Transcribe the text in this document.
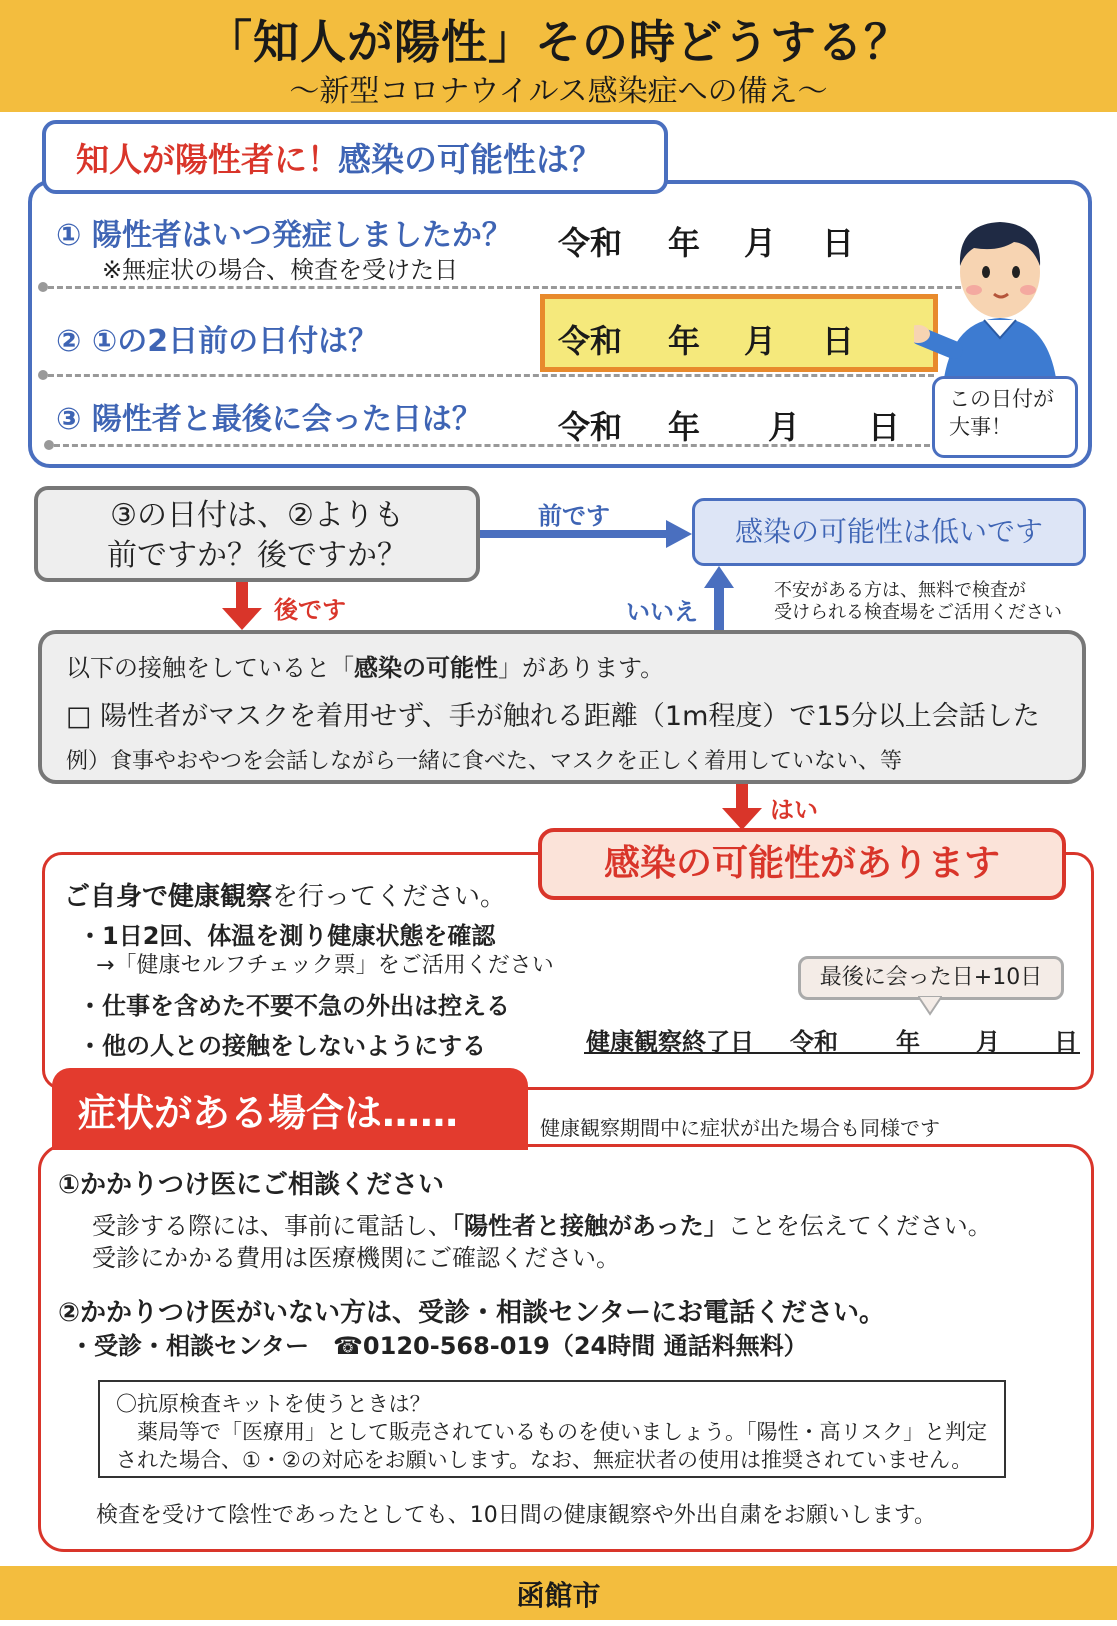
「知人が陽性」その時どうする？
～新型コロナウイルス感染症への備え～
知人が陽性者に！
感染の可能性は？
① 陽性者はいつ発症しましたか？
※無症状の場合、検査を受けた日
令和 年 月 日
② ①の2日前の日付は？	令和 年 月 日
③ 陽性者と最後に会った日は？ 令和 年 月 日
この日付が
大事！
③の日付は、②よりも
前ですか？後ですか？
前です	感染の可能性は低いです
不安がある方は、無料で検査が
受けられる検査場をご活用ください
後です	いいえ
以下の接触をしていると「感染の可能性」があります。
□ 陽性者がマスクを着用せず、手が触れる距離（1m程度）で15分以上会話した
例）食事やおやつを会話しながら一緒に食べた、マスクを正しく着用していない、等
はい
感染の可能性があります
ご自身で健康観察を行ってください。
・1日2回、体温を測り健康状態を確認
→「健康セルフチェック票」をご活用ください
・仕事を含めた不要不急の外出は控える
・他の人との接触をしないようにする
最後に会った日+10日
健康観察終了日 令和 年 月 日
症状がある場合は……	健康観察期間中に症状が出た場合も同様です
①かかりつけ医にご相談ください
受診する際には、事前に電話し、「陽性者と接触があった」ことを伝えてください。
受診にかかる費用は医療機関にご確認ください。
②かかりつけ医がいない方は、受診・相談センターにお電話ください。
・受診・相談センター　☎0120-568-019（24時間 通話料無料）
〇抗原検査キットを使うときは？
　薬局等で「医療用」として販売されているものを使いましょう。「陽性・高リスク」と判定
された場合、①・②の対応をお願いします。なお、無症状者の使用は推奨されていません。
検査を受けて陰性であったとしても、10日間の健康観察や外出自粛をお願いします。
函館市
